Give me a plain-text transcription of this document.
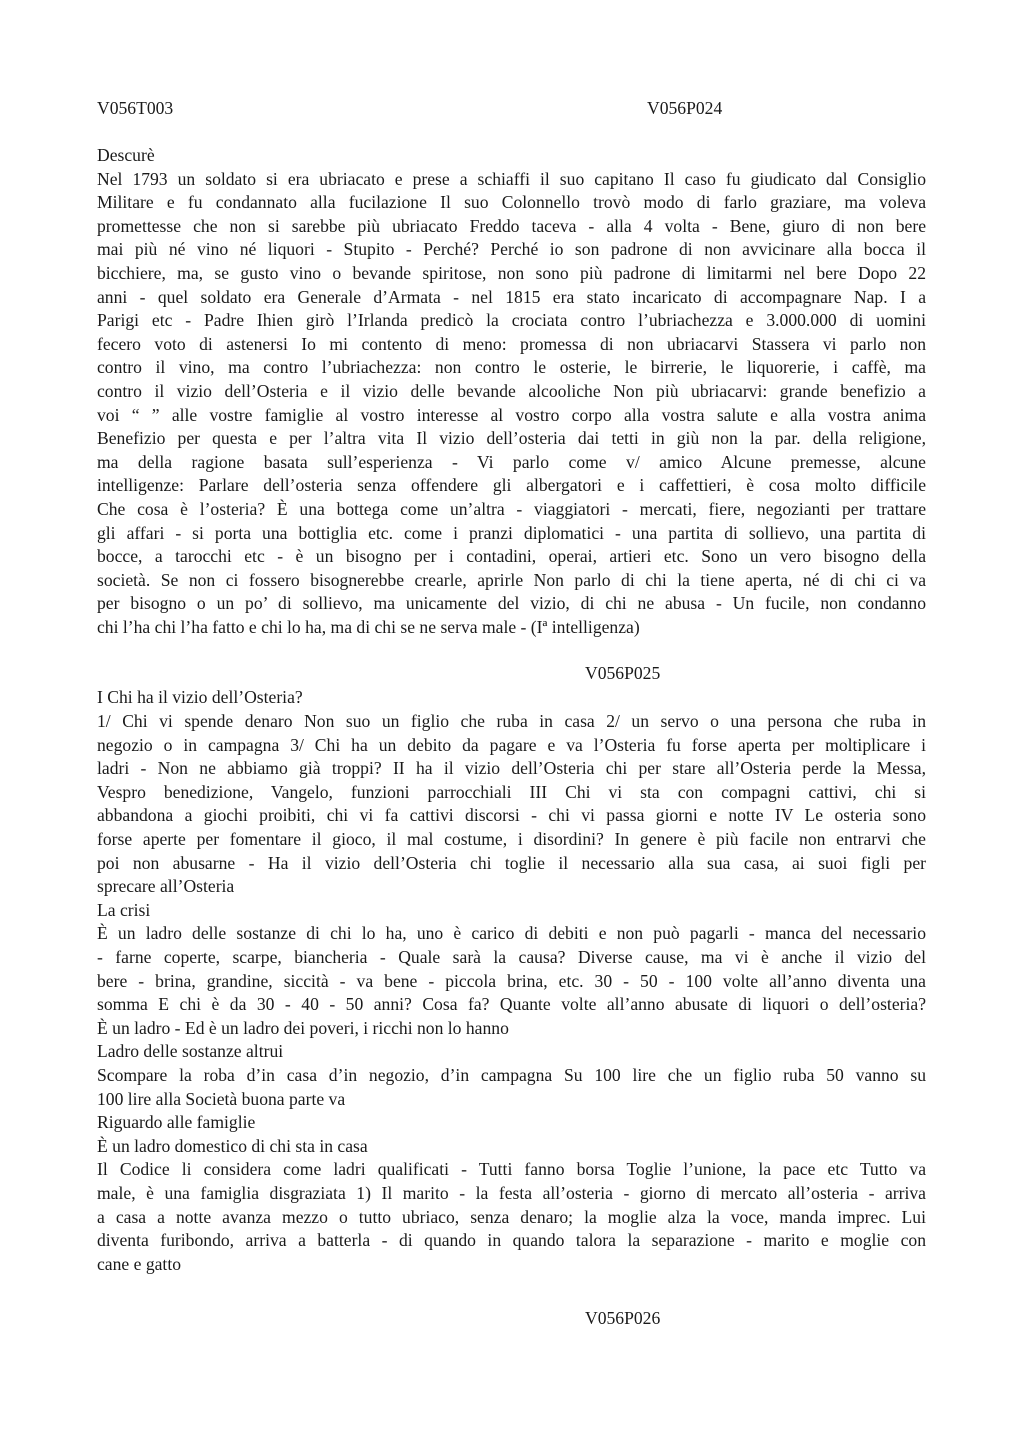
V056T003	V056P024
Descurè
Nel 1793 un soldato si era ubriacato e prese a schiaffi il suo capitano Il caso fu giudicato dal Consiglio
Militare e fu condannato alla fucilazione Il suo Colonnello trovò modo di farlo graziare, ma voleva
promettesse che non si sarebbe più ubriacato Freddo taceva - alla 4 volta - Bene, giuro di non bere
mai più né vino né liquori - Stupito - Perché? Perché io son padrone di non avvicinare alla bocca il
bicchiere, ma, se gusto vino o bevande spiritose, non sono più padrone di limitarmi nel bere Dopo 22
anni - quel soldato era Generale d’Armata - nel 1815 era stato incaricato di accompagnare Nap. I a
Parigi etc - Padre Ihien girò l’Irlanda predicò la crociata contro l’ubriachezza e 3.000.000 di uomini
fecero voto di astenersi Io mi contento di meno: promessa di non ubriacarvi Stassera vi parlo non
contro il vino, ma contro l’ubriachezza: non contro le osterie, le birrerie, le liquorerie, i caffè, ma
contro il vizio dell’Osteria e il vizio delle bevande alcooliche Non più ubriacarvi: grande benefizio a
voi “ ” alle vostre famiglie al vostro interesse al vostro corpo alla vostra salute e alla vostra anima
Benefizio per questa e per l’altra vita Il vizio dell’osteria dai tetti in giù non la par. della religione,
ma della ragione basata sull’esperienza - Vi parlo come v/ amico Alcune premesse, alcune
intelligenze: Parlare dell’osteria senza offendere gli albergatori e i caffettieri, è cosa molto difficile
Che cosa è l’osteria? È una bottega come un’altra - viaggiatori - mercati, fiere, negozianti per trattare
gli affari - si porta una bottiglia etc. come i pranzi diplomatici - una partita di sollievo, una partita di
bocce, a tarocchi etc - è un bisogno per i contadini, operai, artieri etc. Sono un vero bisogno della
società. Se non ci fossero bisognerebbe crearle, aprirle Non parlo di chi la tiene aperta, né di chi ci va
per bisogno o un po’ di sollievo, ma unicamente del vizio, di chi ne abusa - Un fucile, non condanno
chi l’ha chi l’ha fatto e chi lo ha, ma di chi se ne serva male - (Iª intelligenza)
V056P025
I Chi ha il vizio dell’Osteria?
1/ Chi vi spende denaro Non suo un figlio che ruba in casa 2/ un servo o una persona che ruba in
negozio o in campagna 3/ Chi ha un debito da pagare e va l’Osteria fu forse aperta per moltiplicare i
ladri - Non ne abbiamo già troppi? II ha il vizio dell’Osteria chi per stare all’Osteria perde la Messa,
Vespro benedizione, Vangelo, funzioni parrocchiali III Chi vi sta con compagni cattivi, chi si
abbandona a giochi proibiti, chi vi fa cattivi discorsi - chi vi passa giorni e notte IV Le osteria sono
forse aperte per fomentare il gioco, il mal costume, i disordini? In genere è più facile non entrarvi che
poi non abusarne - Ha il vizio dell’Osteria chi toglie il necessario alla sua casa, ai suoi figli per
sprecare all’Osteria
La crisi
È un ladro delle sostanze di chi lo ha, uno è carico di debiti e non può pagarli - manca del necessario
- farne coperte, scarpe, biancheria - Quale sarà la causa? Diverse cause, ma vi è anche il vizio del
bere - brina, grandine, siccità - va bene - piccola brina, etc. 30 - 50 - 100 volte all’anno diventa una
somma E chi è da 30 - 40 - 50 anni? Cosa fa? Quante volte all’anno abusate di liquori o dell’osteria?
È un ladro - Ed è un ladro dei poveri, i ricchi non lo hanno
Ladro delle sostanze altrui
Scompare la roba d’in casa d’in negozio, d’in campagna Su 100 lire che un figlio ruba 50 vanno su
100 lire alla Società buona parte va
Riguardo alle famiglie
È un ladro domestico di chi sta in casa
Il Codice li considera come ladri qualificati - Tutti fanno borsa Toglie l’unione, la pace etc Tutto va
male, è una famiglia disgraziata 1) Il marito - la festa all’osteria - giorno di mercato all’osteria - arriva
a casa a notte avanza mezzo o tutto ubriaco, senza denaro; la moglie alza la voce, manda imprec. Lui
diventa furibondo, arriva a batterla - di quando in quando talora la separazione - marito e moglie con
cane e gatto
V056P026
